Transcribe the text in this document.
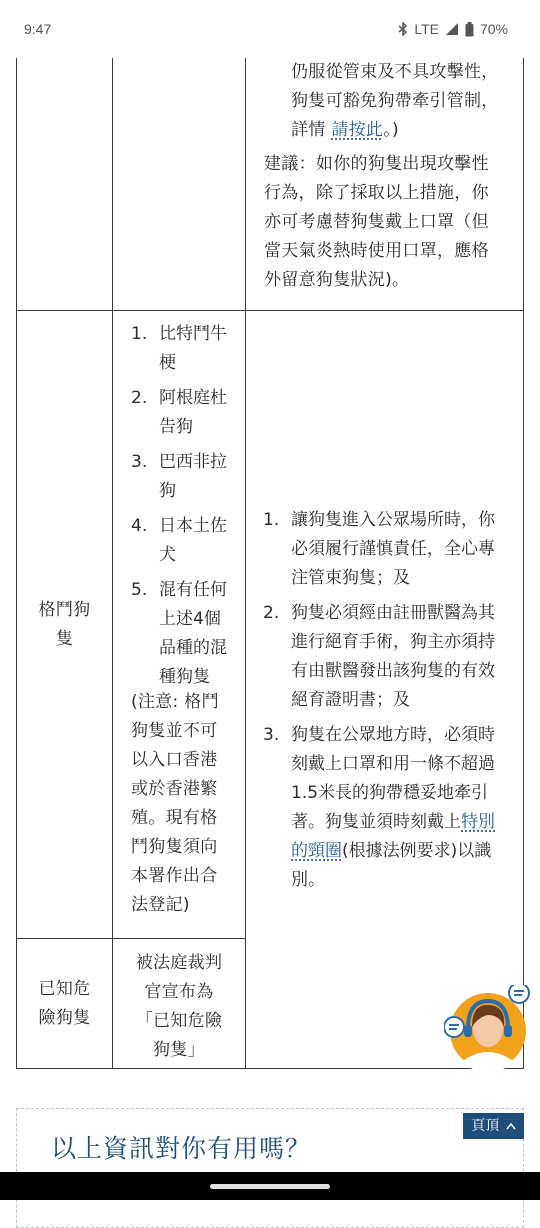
9:47	LTE	70%
仍服從管束及不具攻擊性，
狗隻可豁免狗帶牽引管制，
詳情 請按此。)
建議：如你的狗隻出現攻擊性
行為，除了採取以上措施，你
亦可考慮替狗隻戴上口罩（但
當天氣炎熱時使用口罩，應格
外留意狗隻狀況)。
格鬥狗
隻
1. 比特鬥牛
梗
2. 阿根庭杜
告狗
3. 巴西非拉
狗
4. 日本土佐
犬
5. 混有任何
上述4個
品種的混
種狗隻
(注意: 格鬥
狗隻並不可
以入口香港
或於香港繁
殖。現有格
鬥狗隻須向
本署作出合
法登記)
1. 讓狗隻進入公眾場所時，你
必須履行謹慎責任，全心專
注管束狗隻；及
2. 狗隻必須經由註冊獸醫為其
進行絕育手術，狗主亦須持
有由獸醫發出該狗隻的有效
絕育證明書；及
3. 狗隻在公眾地方時，必須時
刻戴上口罩和用一條不超過
1.5米長的狗帶穩妥地牽引
著。狗隻並須時刻戴上特別
的頸圈(根據法例要求)以識
別。
已知危
險狗隻
被法庭裁判
官宣布為
「已知危險
狗隻」
頁頂
以上資訊對你有用嗎？
